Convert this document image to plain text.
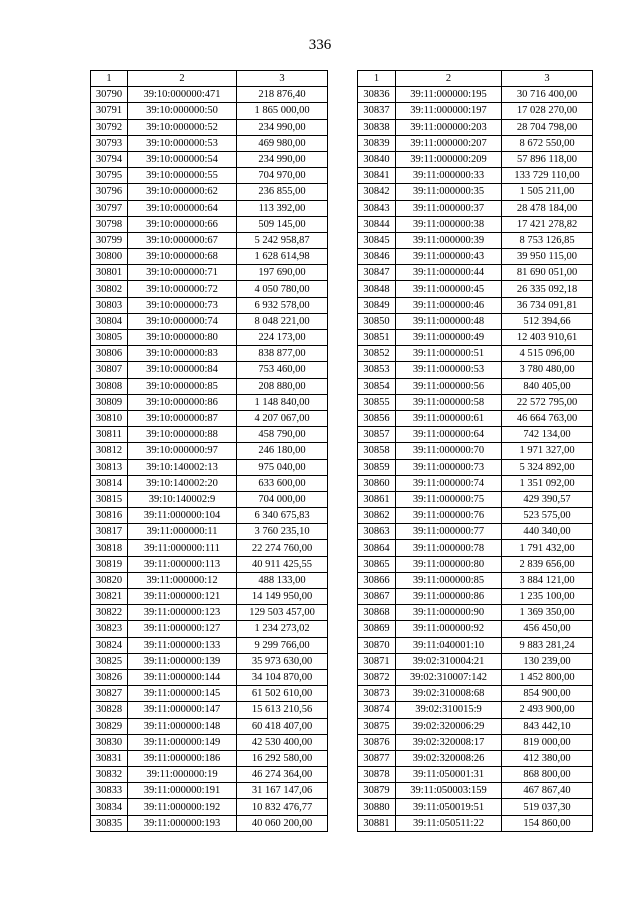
336
1	2	3
30790	39:10:000000:471	218 876,40
30791	39:10:000000:50	1 865 000,00
30792	39:10:000000:52	234 990,00
30793	39:10:000000:53	469 980,00
30794	39:10:000000:54	234 990,00
30795	39:10:000000:55	704 970,00
30796	39:10:000000:62	236 855,00
30797	39:10:000000:64	113 392,00
30798	39:10:000000:66	509 145,00
30799	39:10:000000:67	5 242 958,87
30800	39:10:000000:68	1 628 614,98
30801	39:10:000000:71	197 690,00
30802	39:10:000000:72	4 050 780,00
30803	39:10:000000:73	6 932 578,00
30804	39:10:000000:74	8 048 221,00
30805	39:10:000000:80	224 173,00
30806	39:10:000000:83	838 877,00
30807	39:10:000000:84	753 460,00
30808	39:10:000000:85	208 880,00
30809	39:10:000000:86	1 148 840,00
30810	39:10:000000:87	4 207 067,00
30811	39:10:000000:88	458 790,00
30812	39:10:000000:97	246 180,00
30813	39:10:140002:13	975 040,00
30814	39:10:140002:20	633 600,00
30815	39:10:140002:9	704 000,00
30816	39:11:000000:104	6 340 675,83
30817	39:11:000000:11	3 760 235,10
30818	39:11:000000:111	22 274 760,00
30819	39:11:000000:113	40 911 425,55
30820	39:11:000000:12	488 133,00
30821	39:11:000000:121	14 149 950,00
30822	39:11:000000:123	129 503 457,00
30823	39:11:000000:127	1 234 273,02
30824	39:11:000000:133	9 299 766,00
30825	39:11:000000:139	35 973 630,00
30826	39:11:000000:144	34 104 870,00
30827	39:11:000000:145	61 502 610,00
30828	39:11:000000:147	15 613 210,56
30829	39:11:000000:148	60 418 407,00
30830	39:11:000000:149	42 530 400,00
30831	39:11:000000:186	16 292 580,00
30832	39:11:000000:19	46 274 364,00
30833	39:11:000000:191	31 167 147,06
30834	39:11:000000:192	10 832 476,77
30835	39:11:000000:193	40 060 200,00
1	2	3
30836	39:11:000000:195	30 716 400,00
30837	39:11:000000:197	17 028 270,00
30838	39:11:000000:203	28 704 798,00
30839	39:11:000000:207	8 672 550,00
30840	39:11:000000:209	57 896 118,00
30841	39:11:000000:33	133 729 110,00
30842	39:11:000000:35	1 505 211,00
30843	39:11:000000:37	28 478 184,00
30844	39:11:000000:38	17 421 278,82
30845	39:11:000000:39	8 753 126,85
30846	39:11:000000:43	39 950 115,00
30847	39:11:000000:44	81 690 051,00
30848	39:11:000000:45	26 335 092,18
30849	39:11:000000:46	36 734 091,81
30850	39:11:000000:48	512 394,66
30851	39:11:000000:49	12 403 910,61
30852	39:11:000000:51	4 515 096,00
30853	39:11:000000:53	3 780 480,00
30854	39:11:000000:56	840 405,00
30855	39:11:000000:58	22 572 795,00
30856	39:11:000000:61	46 664 763,00
30857	39:11:000000:64	742 134,00
30858	39:11:000000:70	1 971 327,00
30859	39:11:000000:73	5 324 892,00
30860	39:11:000000:74	1 351 092,00
30861	39:11:000000:75	429 390,57
30862	39:11:000000:76	523 575,00
30863	39:11:000000:77	440 340,00
30864	39:11:000000:78	1 791 432,00
30865	39:11:000000:80	2 839 656,00
30866	39:11:000000:85	3 884 121,00
30867	39:11:000000:86	1 235 100,00
30868	39:11:000000:90	1 369 350,00
30869	39:11:000000:92	456 450,00
30870	39:11:040001:10	9 883 281,24
30871	39:02:310004:21	130 239,00
30872	39:02:310007:142	1 452 800,00
30873	39:02:310008:68	854 900,00
30874	39:02:310015:9	2 493 900,00
30875	39:02:320006:29	843 442,10
30876	39:02:320008:17	819 000,00
30877	39:02:320008:26	412 380,00
30878	39:11:050001:31	868 800,00
30879	39:11:050003:159	467 867,40
30880	39:11:050019:51	519 037,30
30881	39:11:050511:22	154 860,00
